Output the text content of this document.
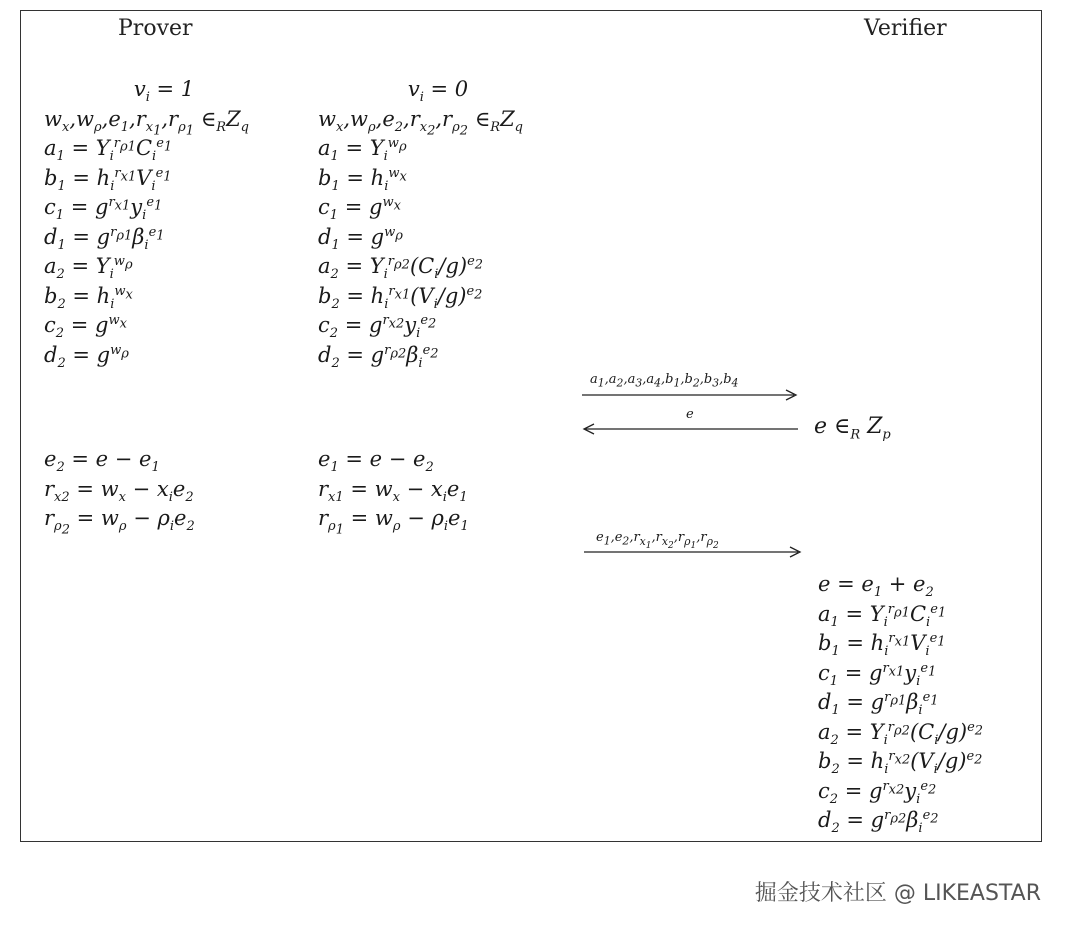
Prover	Verifier
$v_i = 1$
$w_x,w_\rho,e_1,r_{x_1},r_{\rho_1}$ $\in_RZ_q$
$a_1 = Y_i^{r_{\rho 1}}C_i^{e_1}$
$b_1 = h_i^{r_{x1}}V_i^{e_1}$
$c_1 = g^{r_{x1}}y_i^{e_1}$
$d_1 = g^{r_{\rho 1}}\beta_i^{e_1}$
$a_2 = Y_i^{w_\rho}$
$b_2 = h_i^{w_x}$
$c_2 = g^{w_x}$
$d_2 = g^{w_\rho}$
$e_2 = e - e_1$
$r_{x2} = w_x - x_ie_2$
$r_{\rho_2} = w_\rho - \rho_ie_2$
$v_i = 0$
$w_x,w_\rho,e_2,r_{x_2},r_{\rho_2}$ $\in_RZ_q$
$a_1 = Y_i^{w_\rho}$
$b_1 = h_i^{w_x}$
$c_1 = g^{w_x}$
$d_1 = g^{w_\rho}$
$a_2 = Y_i^{r_{\rho 2}}(C_i/g)^{e_2}$
$b_2 = h_i^{r_{x1}}(V_i/g)^{e_2}$
$c_2 = g^{r_{x2}}y_i^{e_2}$
$d_2 = g^{r_{\rho 2}}\beta_i^{e_2}$
$e_1 = e - e_2$
$r_{x1} = w_x - x_ie_1$
$r_{\rho_1} = w_\rho - \rho_ie_1$
$a_1,a_2,a_3,a_4,b_1,b_2,b_3,b_4$
e	e $\in_R$ $Z_p$
$e_1,e_2,r_{x_1},r_{x_2},r_{\rho_1},r_{\rho_2}$
$e = e_1 + e_2$
$a_1 = Y_i^{r_{\rho 1}}C_i^{e_1}$
$b_1 = h_i^{r_{x1}}V_i^{e_1}$
$c_1 = g^{r_{x1}}y_i^{e_1}$
$d_1 = g^{r_{\rho 1}}\beta_i^{e_1}$
$a_2 = Y_i^{r_{\rho 2}}(C_i/g)^{e_2}$
$b_2 = h_i^{r_{x2}}(V_i/g)^{e_2}$
$c_2 = g^{r_{x2}}y_i^{e_2}$
$d_2 = g^{r_{\rho 2}}\beta_i^{e_2}$
掘金技术社区 @ LIKEASTAR
